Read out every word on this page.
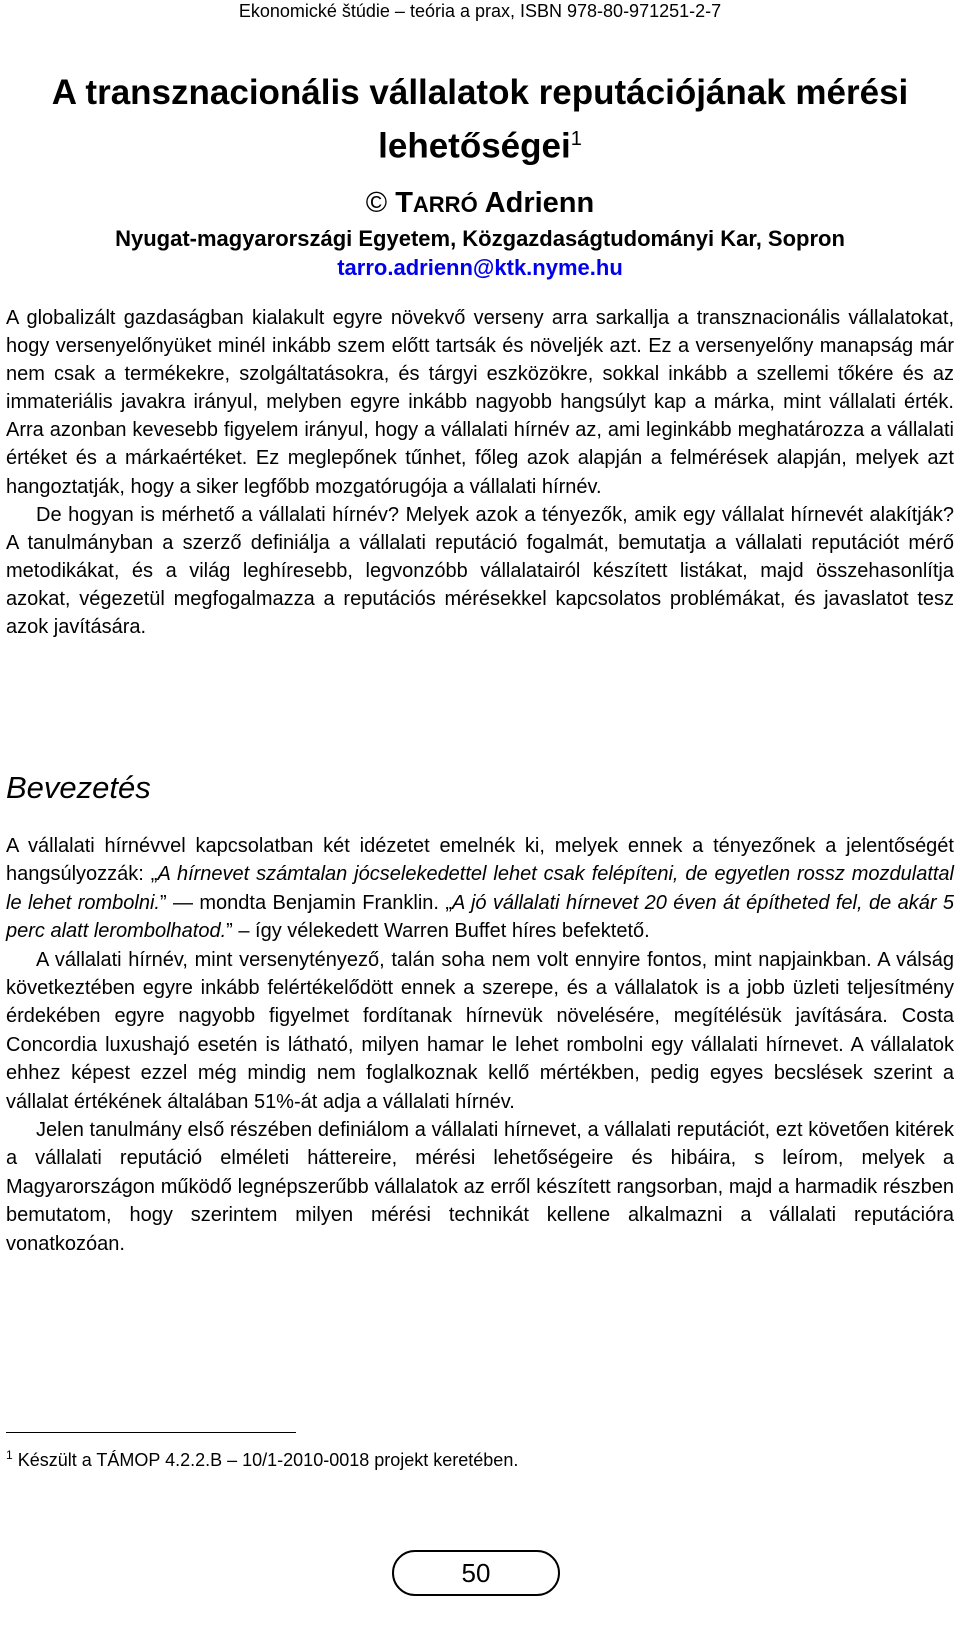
Ekonomické štúdie – teória a prax, ISBN 978-80-971251-2-7
A transznacionális vállalatok reputációjának mérési lehetőségei$^1$
© TARRÓ Adrienn
Nyugat-magyarországi Egyetem, Közgazdaságtudományi Kar, Sopron
tarro.adrienn@ktk.nyme.hu

A globalizált gazdaságban kialakult egyre növekvő verseny arra sarkallja a transznacionális vállalatokat, hogy versenyelőnyüket minél inkább szem előtt tartsák és növeljék azt. Ez a versenyelőny manapság már nem csak a termékekre, szolgáltatásokra, és tárgyi eszközökre, sokkal inkább a szellemi tőkére és az immateriális javakra irányul, melyben egyre inkább nagyobb hangsúlyt kap a márka, mint vállalati érték. Arra azonban kevesebb figyelem irányul, hogy a vállalati hírnév az, ami leginkább meghatározza a vállalati értéket és a márkaértéket. Ez meglepőnek tűnhet, főleg azok alapján a felmérések alapján, melyek azt hangoztatják, hogy a siker legfőbb mozgatórugója a vállalati hírnév.

De hogyan is mérhető a vállalati hírnév? Melyek azok a tényezők, amik egy vállalat hírnevét alakítják? A tanulmányban a szerző definiálja a vállalati reputáció fogalmát, bemutatja a vállalati reputációt mérő metodikákat, és a világ leghíresebb, legvonzóbb vállalatairól készített listákat, majd összehasonlítja azokat, végezetül megfogalmazza a reputációs mérésekkel kapcsolatos problémákat, és javaslatot tesz azok javítására.

Bevezetés

A vállalati hírnévvel kapcsolatban két idézetet emelnék ki, melyek ennek a tényezőnek a jelentőségét hangsúlyozzák: „A hírnevet számtalan jócselekedettel lehet csak felépíteni, de egyetlen rossz mozdulattal le lehet rombolni.” — mondta Benjamin Franklin. „A jó vállalati hírnevet 20 éven át építheted fel, de akár 5 perc alatt lerombolhatod.” – így vélekedett Warren Buffet híres befektető.

A vállalati hírnév, mint versenytényező, talán soha nem volt ennyire fontos, mint napjainkban. A válság következtében egyre inkább felértékelődött ennek a szerepe, és a vállalatok is a jobb üzleti teljesítmény érdekében egyre nagyobb figyelmet fordítanak hírnevük növelésére, megítélésük javítására. Costa Concordia luxushajó esetén is látható, milyen hamar le lehet rombolni egy vállalati hírnevet. A vállalatok ehhez képest ezzel még mindig nem foglalkoznak kellő mértékben, pedig egyes becslések szerint a vállalat értékének általában 51%-át adja a vállalati hírnév.

Jelen tanulmány első részében definiálom a vállalati hírnevet, a vállalati reputációt, ezt követően kitérek a vállalati reputáció elméleti háttereire, mérési lehetőségeire és hibáira, s leírom, melyek a Magyarországon működő legnépszerűbb vállalatok az erről készített rangsorban, majd a harmadik részben bemutatom, hogy szerintem milyen mérési technikát kellene alkalmazni a vállalati reputációra vonatkozóan.

$^1$ Készült a TÁMOP 4.2.2.B – 10/1-2010-0018 projekt keretében.
50
